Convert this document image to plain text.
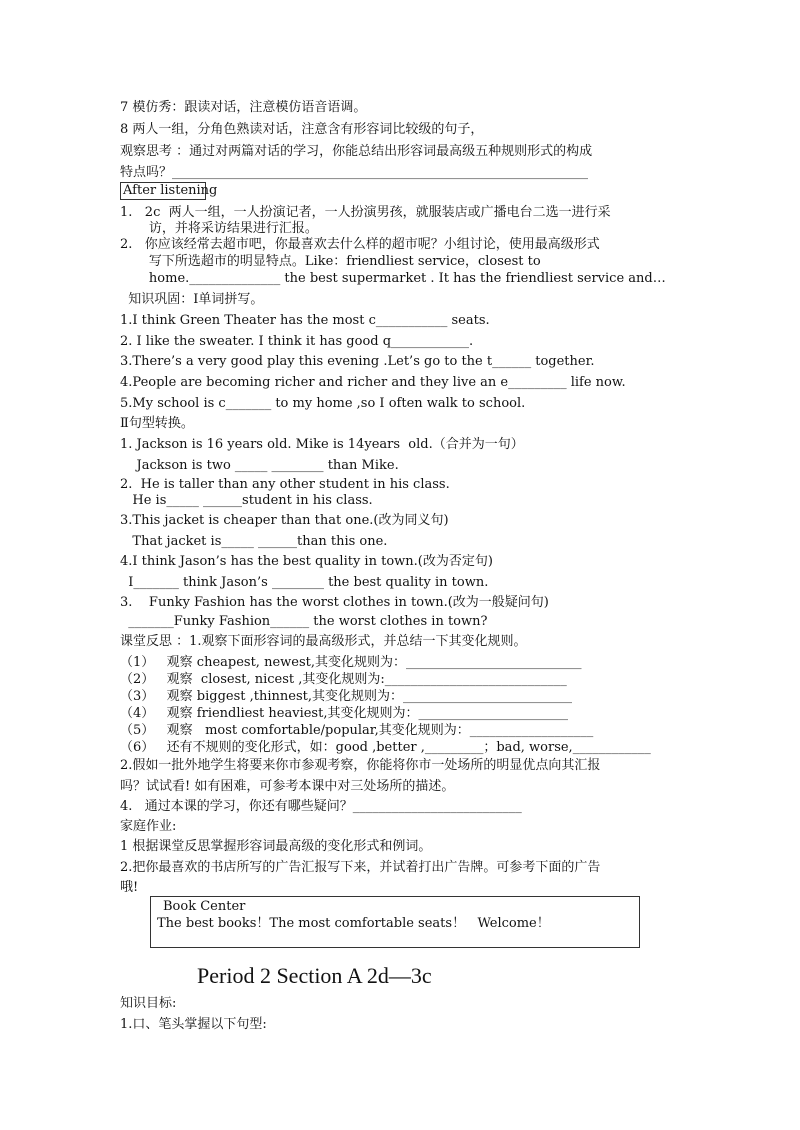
7 模仿秀：跟读对话，注意模仿语音语调。
8 两人一组，分角色熟读对话，注意含有形容词比较级的句子，
观察思考 ：通过对两篇对话的学习，你能总结出形容词最高级五种规则形式的构成
特点吗？________________________________________________________________
After listening
1.   2c  两人一组，一人扮演记者，一人扮演男孩，就服装店或广播电台二选一进行采
访，并将采访结果进行汇报。
2.   你应该经常去超市吧，你最喜欢去什么样的超市呢？小组讨论，使用最高级形式
写下所选超市的明显特点。Like：friendliest service，closest to
home.______________ the best supermarket . It has the friendliest service and…
知识巩固：Ⅰ单词拼写。
1.I think Green Theater has the most c___________ seats.
2. I like the sweater. I think it has good q____________.
3.There’s a very good play this evening .Let’s go to the t______ together.
4.People are becoming richer and richer and they live an e_________ life now.
5.My school is c_______ to my home ,so I often walk to school.
Ⅱ句型转换。
1. Jackson is 16 years old. Mike is 14years  old.（合并为一句）
Jackson is two _____ ________ than Mike.
2.  He is taller than any other student in his class.
He is_____ ______student in his class.
3.This jacket is cheaper than that one.(改为同义句)
That jacket is_____ ______than this one.
4.I think Jason’s has the best quality in town.(改为否定句)
I_______ think Jason’s ________ the best quality in town.
3.    Funky Fashion has the worst clothes in town.(改为一般疑问句)
_______Funky Fashion______ the worst clothes in town?
课堂反思 ：1.观察下面形容词的最高级形式，并总结一下其变化规则。
（1）   观察 cheapest, newest,其变化规则为：___________________________
（2）   观察  closest, nicest ,其变化规则为:____________________________
（3）   观察 biggest ,thinnest,其变化规则为：__________________________
（4）   观察 friendliest heaviest,其变化规则为：_______________________
（5）   观察   most comfortable/popular,其变化规则为：___________________
（6）   还有不规则的变化形式，如：good ,better ,_________；bad, worse,____________
2.假如一批外地学生将要来你市参观考察，你能将你市一处场所的明显优点向其汇报
吗？试试看! 如有困难，可参考本课中对三处场所的描述。
4.   通过本课的学习，你还有哪些疑问？__________________________
家庭作业:
1 根据课堂反思掌握形容词最高级的变化形式和例词。
2.把你最喜欢的书店所写的广告汇报写下来，并试着打出广告牌。可参考下面的广告
哦!
Book Center
The best books！The most comfortable seats！   Welcome！
Period 2 Section A 2d—3c
知识目标:
1.口、笔头掌握以下句型:
